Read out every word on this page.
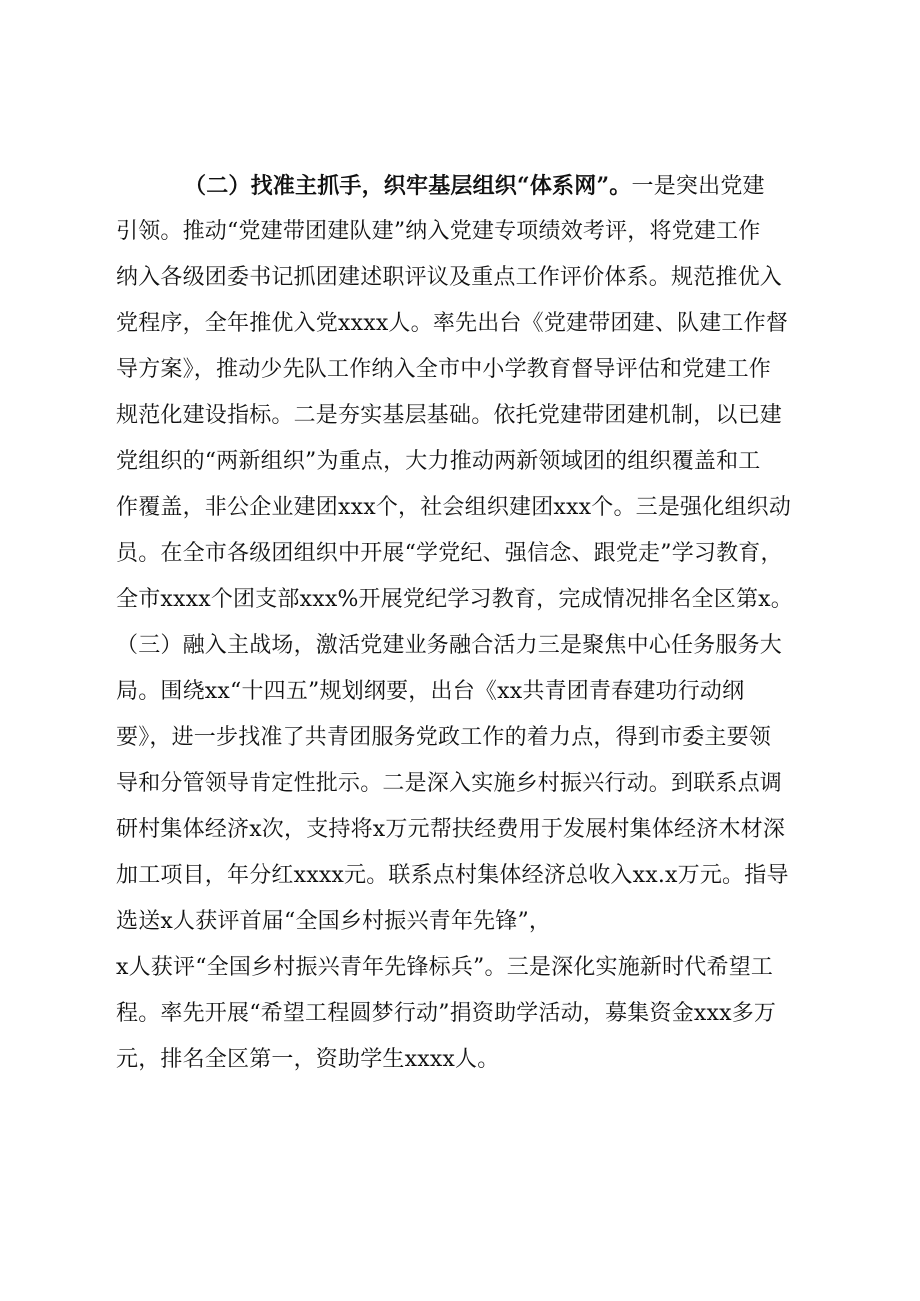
（二）找准主抓手，织牢基层组织“体系网”。一是突出党建
引领。推动“党建带团建队建”纳入党建专项绩效考评，将党建工作
纳入各级团委书记抓团建述职评议及重点工作评价体系。规范推优入
党程序，全年推优入党xxxx人。率先出台《党建带团建、队建工作督
导方案》，推动少先队工作纳入全市中小学教育督导评估和党建工作
规范化建设指标。二是夯实基层基础。依托党建带团建机制，以已建
党组织的“两新组织”为重点，大力推动两新领域团的组织覆盖和工
作覆盖，非公企业建团xxx个，社会组织建团xxx个。三是强化组织动
员。在全市各级团组织中开展“学党纪、强信念、跟党走”学习教育，
全市xxxx个团支部xxx%开展党纪学习教育，完成情况排名全区第x。
（三）融入主战场，激活党建业务融合活力三是聚焦中心任务服务大
局。围绕xx“十四五”规划纲要，出台《xx共青团青春建功行动纲
要》，进一步找准了共青团服务党政工作的着力点，得到市委主要领
导和分管领导肯定性批示。二是深入实施乡村振兴行动。到联系点调
研村集体经济x次，支持将x万元帮扶经费用于发展村集体经济木材深
加工项目，年分红xxxx元。联系点村集体经济总收入xx.x万元。指导
选送x人获评首届“全国乡村振兴青年先锋”，
x人获评“全国乡村振兴青年先锋标兵”。三是深化实施新时代希望工
程。率先开展“希望工程圆梦行动”捐资助学活动，募集资金xxx多万
元，排名全区第一，资助学生xxxx人。
